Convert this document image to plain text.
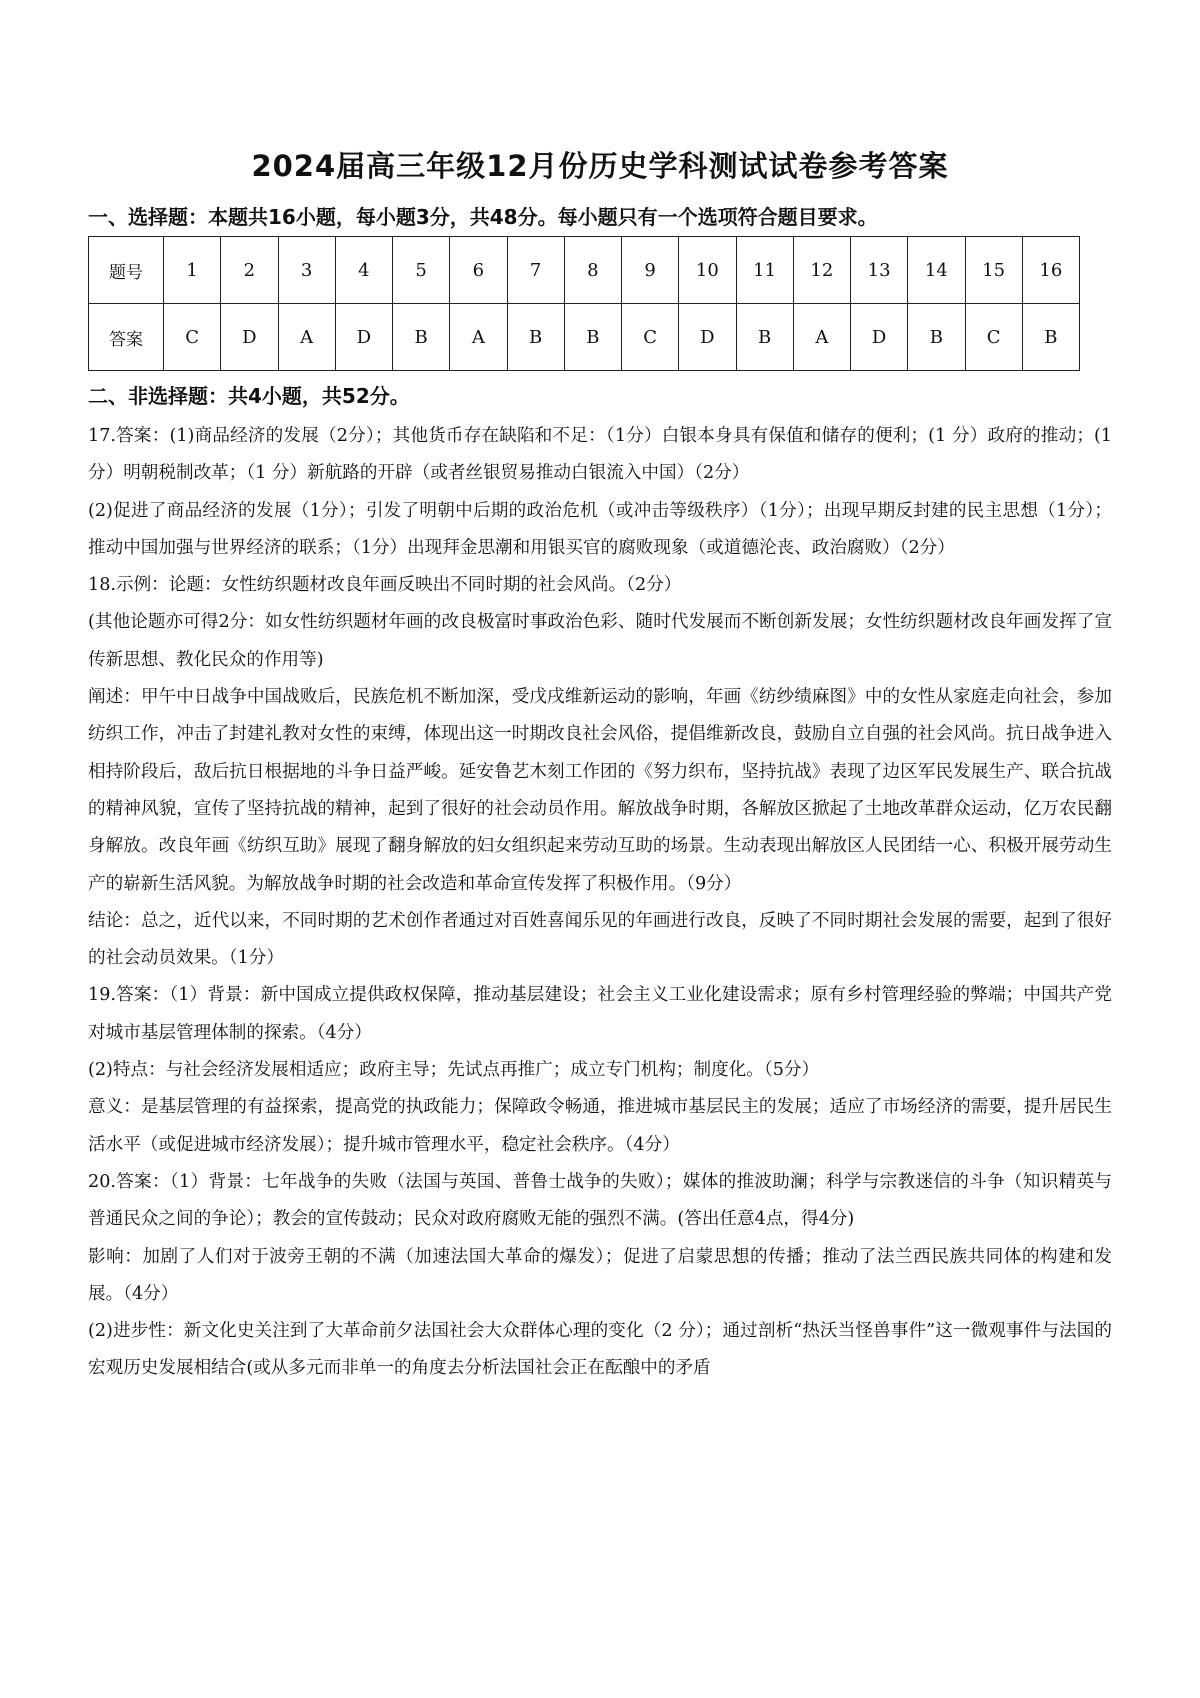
2024届高三年级12月份历史学科测试试卷参考答案
一、选择题：本题共16小题，每小题3分，共48分。每小题只有一个选项符合题目要求。
题号	1	2	3	4	5	6	7	8	9	10	11	12	13	14	15	16
答案	C	D	A	D	B	A	B	B	C	D	B	A	D	B	C	B
二、非选择题：共4小题，共52分。

17.答案：(1)商品经济的发展（2分）；其他货币存在缺陷和不足：（1分）白银本身具有保值和储存的便利；(1 分）政府的推动；(1 分）明朝税制改革；（1 分）新航路的开辟（或者丝银贸易推动白银流入中国）（2分）

(2)促进了商品经济的发展（1分）；引发了明朝中后期的政治危机（或冲击等级秩序）（1分）；出现早期反封建的民主思想（1分）；推动中国加强与世界经济的联系；（1分）出现拜金思潮和用银买官的腐败现象（或道德沦丧、政治腐败）（2分）

18.示例：论题：女性纺织题材改良年画反映出不同时期的社会风尚。（2分）

(其他论题亦可得2分：如女性纺织题材年画的改良极富时事政治色彩、随时代发展而不断创新发展；女性纺织题材改良年画发挥了宣传新思想、教化民众的作用等)

阐述：甲午中日战争中国战败后，民族危机不断加深，受戊戌维新运动的影响，年画《纺纱绩麻图》中的女性从家庭走向社会，参加纺织工作，冲击了封建礼教对女性的束缚，体现出这一时期改良社会风俗，提倡维新改良，鼓励自立自强的社会风尚。抗日战争进入相持阶段后，敌后抗日根据地的斗争日益严峻。延安鲁艺木刻工作团的《努力织布，坚持抗战》表现了边区军民发展生产、联合抗战的精神风貌，宣传了坚持抗战的精神，起到了很好的社会动员作用。解放战争时期，各解放区掀起了土地改革群众运动，亿万农民翻身解放。改良年画《纺织互助》展现了翻身解放的妇女组织起来劳动互助的场景。生动表现出解放区人民团结一心、积极开展劳动生产的崭新生活风貌。为解放战争时期的社会改造和革命宣传发挥了积极作用。（9分）

结论：总之，近代以来，不同时期的艺术创作者通过对百姓喜闻乐见的年画进行改良，反映了不同时期社会发展的需要，起到了很好的社会动员效果。（1分）

19.答案：（1）背景：新中国成立提供政权保障，推动基层建设；社会主义工业化建设需求；原有乡村管理经验的弊端；中国共产党对城市基层管理体制的探索。（4分）

(2)特点：与社会经济发展相适应；政府主导；先试点再推广；成立专门机构；制度化。（5分）

意义：是基层管理的有益探索，提高党的执政能力；保障政令畅通，推进城市基层民主的发展；适应了市场经济的需要，提升居民生活水平（或促进城市经济发展）；提升城市管理水平，稳定社会秩序。（4分）

20.答案：（1）背景：七年战争的失败（法国与英国、普鲁士战争的失败）；媒体的推波助澜；科学与宗教迷信的斗争（知识精英与普通民众之间的争论）；教会的宣传鼓动；民众对政府腐败无能的强烈不满。(答出任意4点，得4分)

影响：加剧了人们对于波旁王朝的不满（加速法国大革命的爆发）；促进了启蒙思想的传播；推动了法兰西民族共同体的构建和发展。（4分）

(2)进步性：新文化史关注到了大革命前夕法国社会大众群体心理的变化（2 分）；通过剖析“热沃当怪兽事件”这一微观事件与法国的宏观历史发展相结合(或从多元而非单一的角度去分析法国社会正在酝酿中的矛盾
